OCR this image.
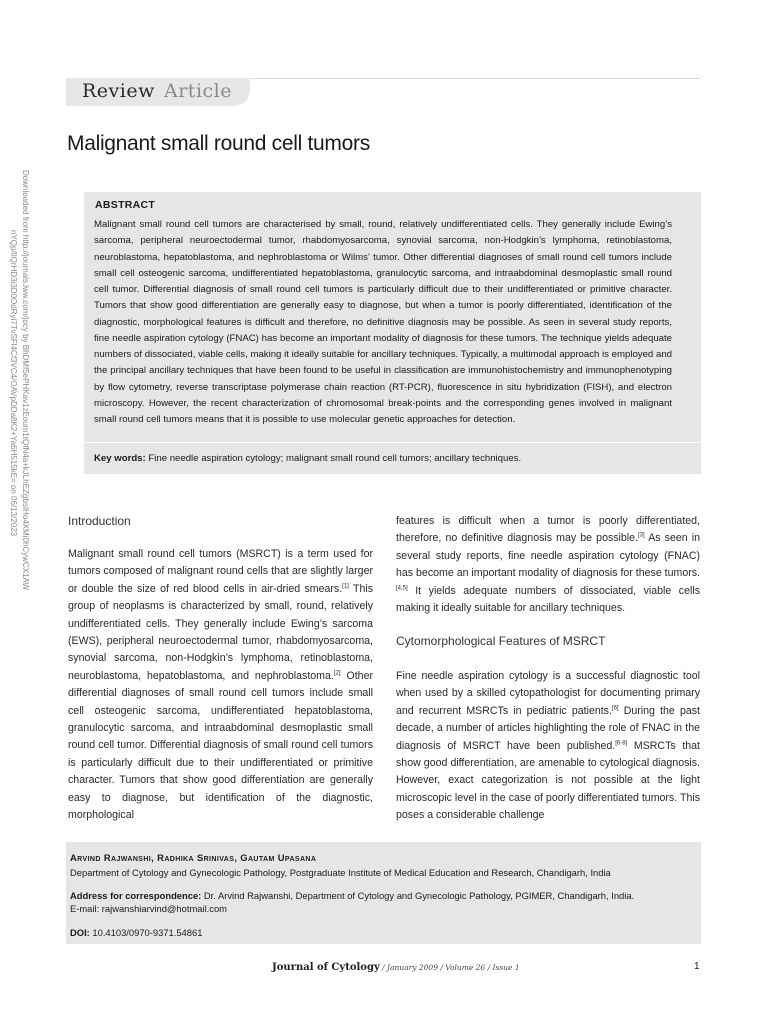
Review Article
Malignant small round cell tumors
Downloaded from http://journals.lww.com/jocy by BhDMf5ePHKav1zEoum1tQfN4a+kJLhEZgbsIHo4XMi0hCywCX1AW
nYQp/IlQrHD3i3D0OdRyi7TvSFl4Cf3VC4/OAVpDDa8K2+Ya6H515kE= on 06/13/2023
ABSTRACT
Malignant small round cell tumors are characterised by small, round, relatively undifferentiated cells. They generally include Ewing’s sarcoma, peripheral neuroectodermal tumor, rhabdomyosarcoma, synovial sarcoma, non-Hodgkin’s lymphoma, retinoblastoma, neuroblastoma, hepatoblastoma, and nephroblastoma or Wilms’ tumor. Other differential diagnoses of small round cell tumors include small cell osteogenic sarcoma, undifferentiated hepatoblastoma, granulocytic sarcoma, and intraabdominal desmoplastic small round cell tumor. Differential diagnosis of small round cell tumors is particularly difficult due to their undifferentiated or primitive character. Tumors that show good differentiation are generally easy to diagnose, but when a tumor is poorly differentiated, identification of the diagnostic, morphological features is difficult and therefore, no definitive diagnosis may be possible. As seen in several study reports, fine needle aspiration cytology (FNAC) has become an important modality of diagnosis for these tumors. The technique yields adequate numbers of dissociated, viable cells, making it ideally suitable for ancillary techniques. Typically, a multimodal approach is employed and the principal ancillary techniques that have been found to be useful in classification are immunohistochemistry and immunophenotyping by flow cytometry, reverse transcriptase polymerase chain reaction (RT-PCR), fluorescence in situ hybridization (FISH), and electron microscopy. However, the recent characterization of chromosomal break-points and the corresponding genes involved in malignant small round cell tumors means that it is possible to use molecular genetic approaches for detection.
Key words: Fine needle aspiration cytology; malignant small round cell tumors; ancillary techniques.
Introduction
Malignant small round cell tumors (MSRCT) is a term used for tumors composed of malignant round cells that are slightly larger or double the size of red blood cells in air-dried smears.[1] This group of neoplasms is characterized by small, round, relatively undifferentiated cells. They generally include Ewing’s sarcoma (EWS), peripheral neuroectodermal tumor, rhabdomyosarcoma, synovial sarcoma, non-Hodgkin’s lymphoma, retinoblastoma, neuroblastoma, hepatoblastoma, and nephroblastoma.[2] Other differential diagnoses of small round cell tumors include small cell osteogenic sarcoma, undifferentiated hepatoblastoma, granulocytic sarcoma, and intraabdominal desmoplastic small round cell tumor. Differential diagnosis of small round cell tumors is particularly difficult due to their undifferentiated or primitive character. Tumors that show good differentiation are generally easy to diagnose, but identification of the diagnostic, morphological
features is difficult when a tumor is poorly differentiated, therefore, no definitive diagnosis may be possible.[3] As seen in several study reports, fine needle aspiration cytology (FNAC) has become an important modality of diagnosis for these tumors.[4,5] It yields adequate numbers of dissociated, viable cells making it ideally suitable for ancillary techniques.
Cytomorphological Features of MSRCT
Fine needle aspiration cytology is a successful diagnostic tool when used by a skilled cytopathologist for documenting primary and recurrent MSRCTs in pediatric patients.[6] During the past decade, a number of articles highlighting the role of FNAC in the diagnosis of MSRCT have been published.[6-8] MSRCTs that show good differentiation, are amenable to cytological diagnosis. However, exact categorization is not possible at the light microscopic level in the case of poorly differentiated tumors. This poses a considerable challenge
Arvind Rajwanshi, Radhika Srinivas, Gautam Upasana
Department of Cytology and Gynecologic Pathology, Postgraduate Institute of Medical Education and Research, Chandigarh, India
Address for correspondence: Dr. Arvind Rajwanshi, Department of Cytology and Gynecologic Pathology, PGIMER, Chandigarh, India.
E-mail: rajwanshiarvind@hotmail.com
DOI: 10.4103/0970-9371.54861
Journal of Cytology / January 2009 / Volume 26 / Issue 1	1
